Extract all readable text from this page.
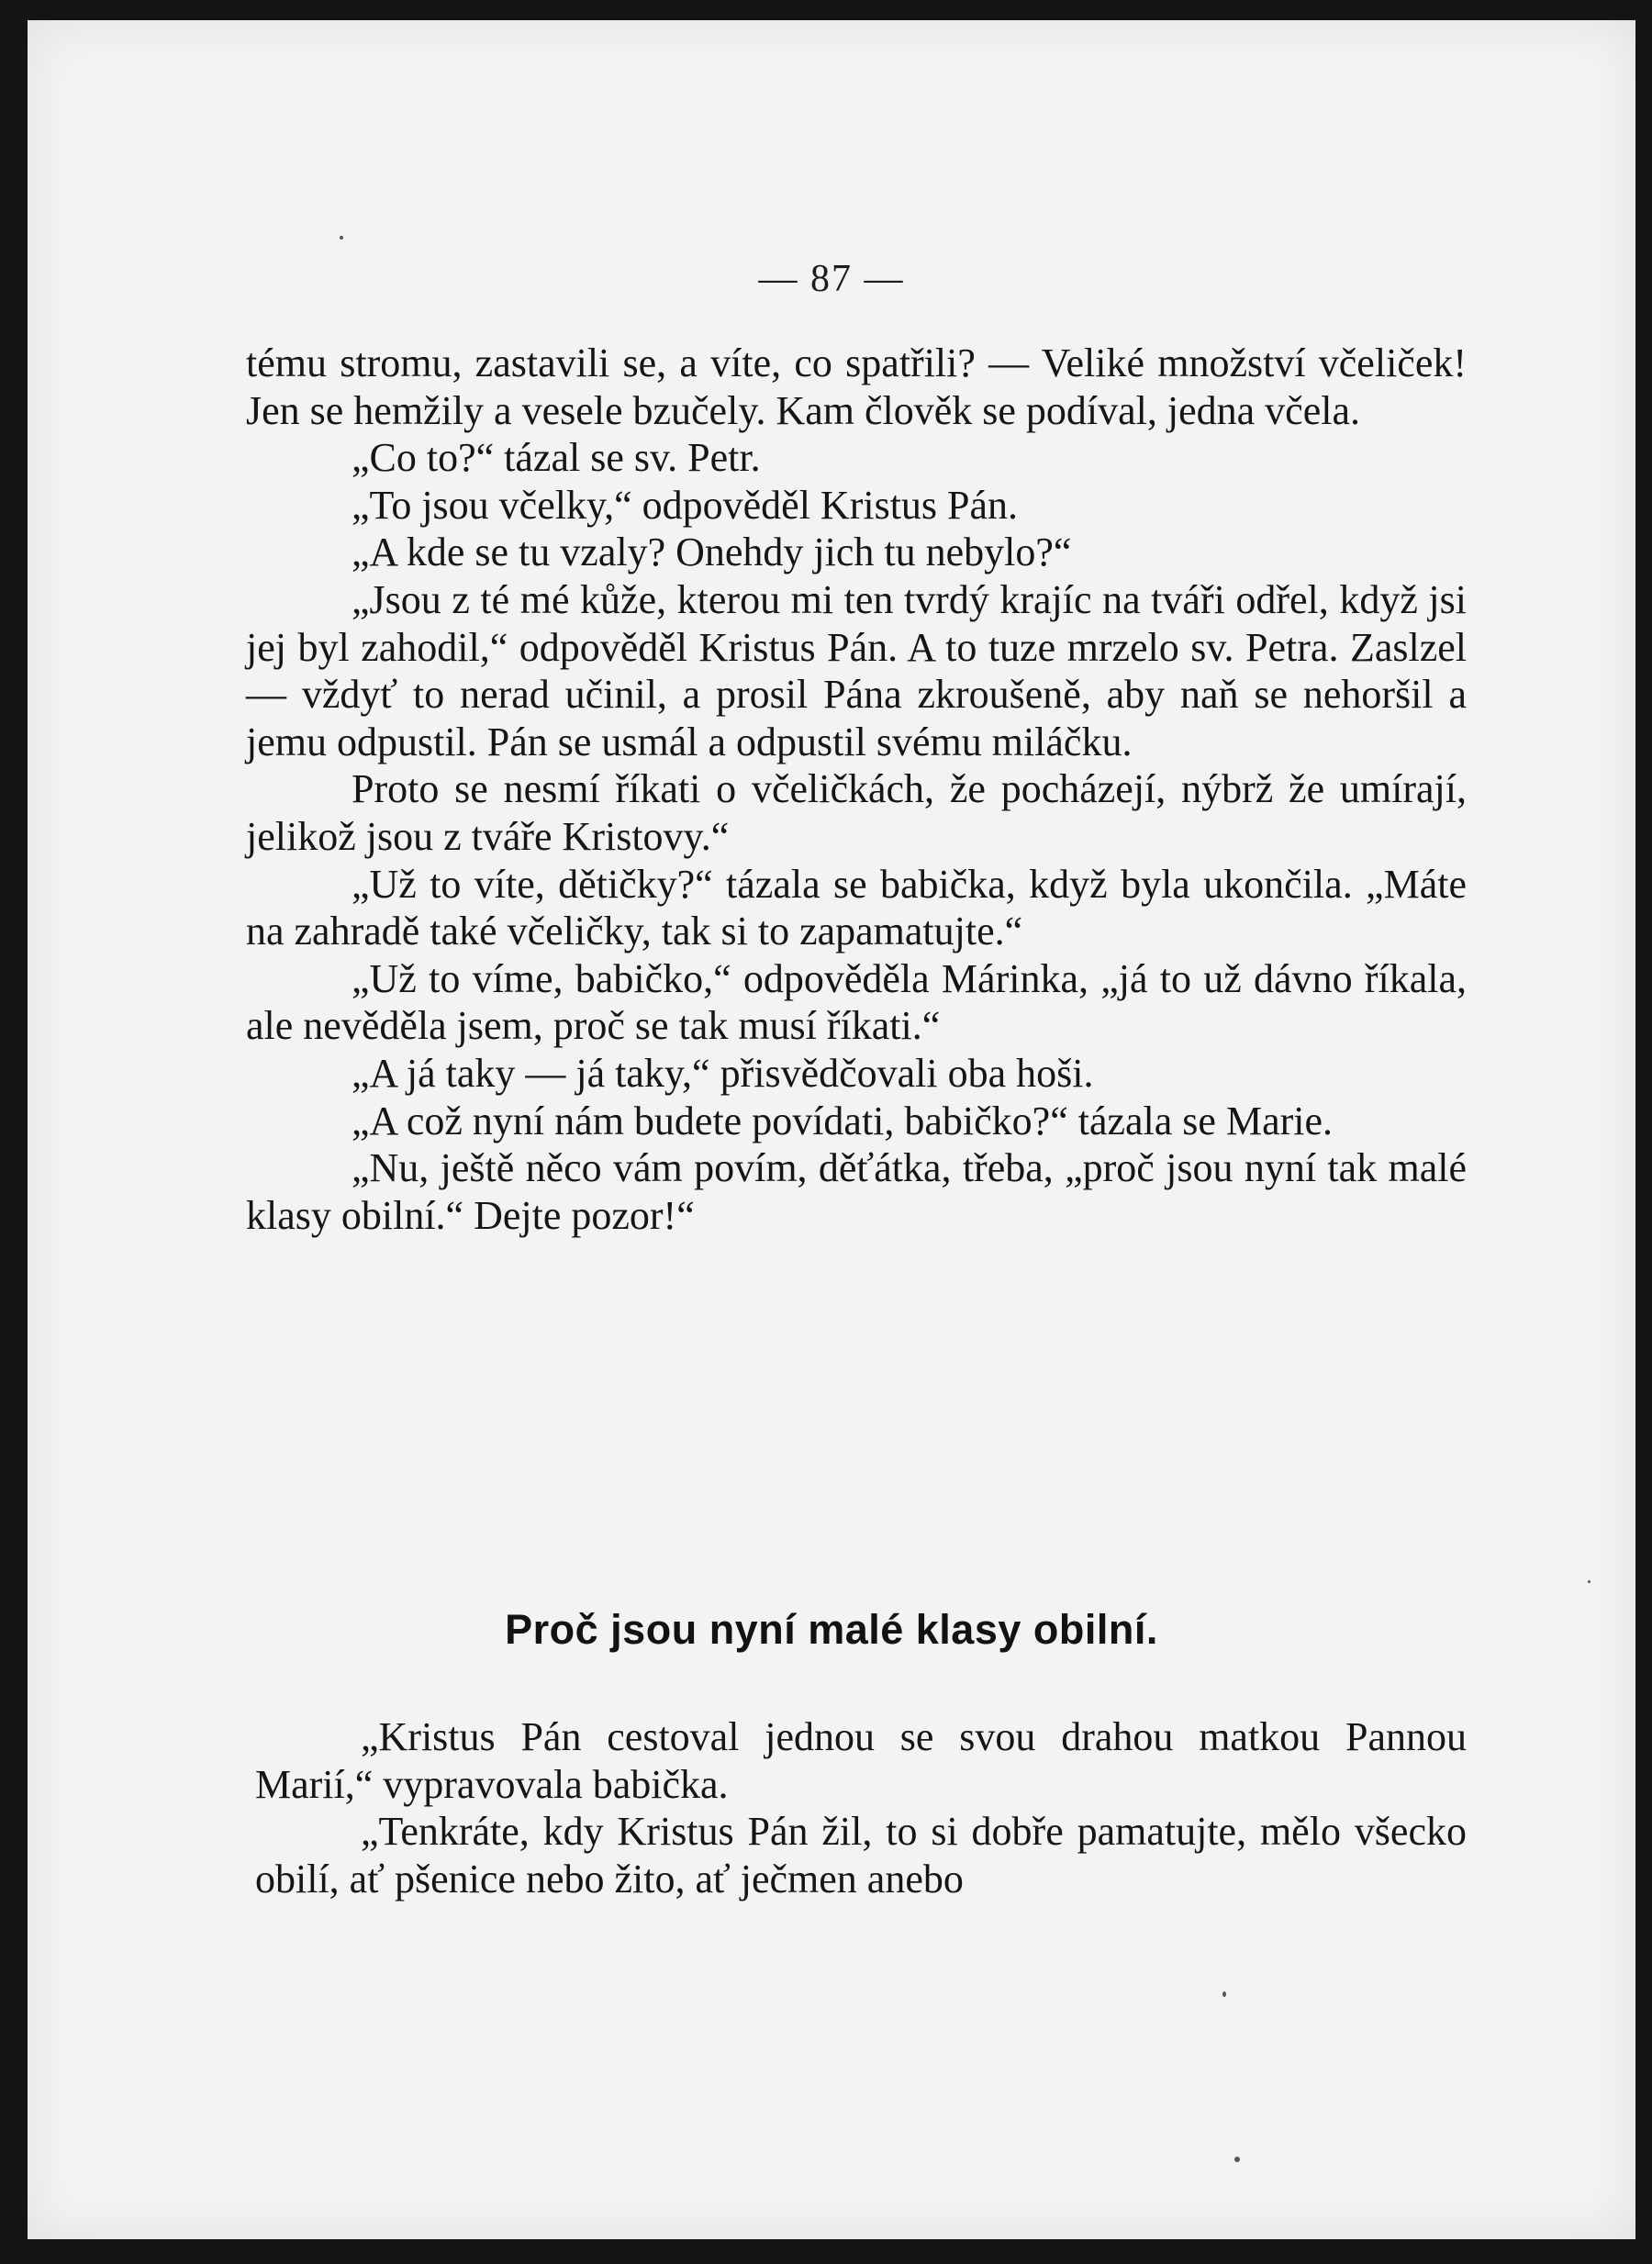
— 87 —

tému stromu, zastavili se, a víte, co spatřili? — Veliké množství včeliček! Jen se hemžily a vesele bzučely. Kam člověk se podíval, jedna včela.

„Co to?“ tázal se sv. Petr.

„To jsou včelky,“ odpověděl Kristus Pán.

„A kde se tu vzaly? Onehdy jich tu nebylo?“

„Jsou z té mé kůže, kterou mi ten tvrdý krajíc na tváři odřel, když jsi jej byl zahodil,“ odpověděl Kristus Pán. A to tuze mrzelo sv. Petra. Zaslzel — vždyť to nerad učinil, a prosil Pána zkroušeně, aby naň se nehoršil a jemu odpustil. Pán se usmál a odpustil svému miláčku.

Proto se nesmí říkati o včeličkách, že pocházejí, nýbrž že umírají, jelikož jsou z tváře Kristovy.“

„Už to víte, dětičky?“ tázala se babička, když byla ukončila. „Máte na zahradě také včeličky, tak si to zapamatujte.“

„Už to víme, babičko,“ odpověděla Márinka, „já to už dávno říkala, ale nevěděla jsem, proč se tak musí říkati.“

„A já taky — já taky,“ přisvědčovali oba hoši.

„A což nyní nám budete povídati, babičko?“ tázala se Marie.

„Nu, ještě něco vám povím, děťátka, třeba, „proč jsou nyní tak malé klasy obilní.“ Dejte pozor!“

Proč jsou nyní malé klasy obilní.

„Kristus Pán cestoval jednou se svou drahou matkou Pannou Marií,“ vypravovala babička.

„Tenkráte, kdy Kristus Pán žil, to si dobře pamatujte, mělo všecko obilí, ať pšenice nebo žito, ať ječmen anebo
